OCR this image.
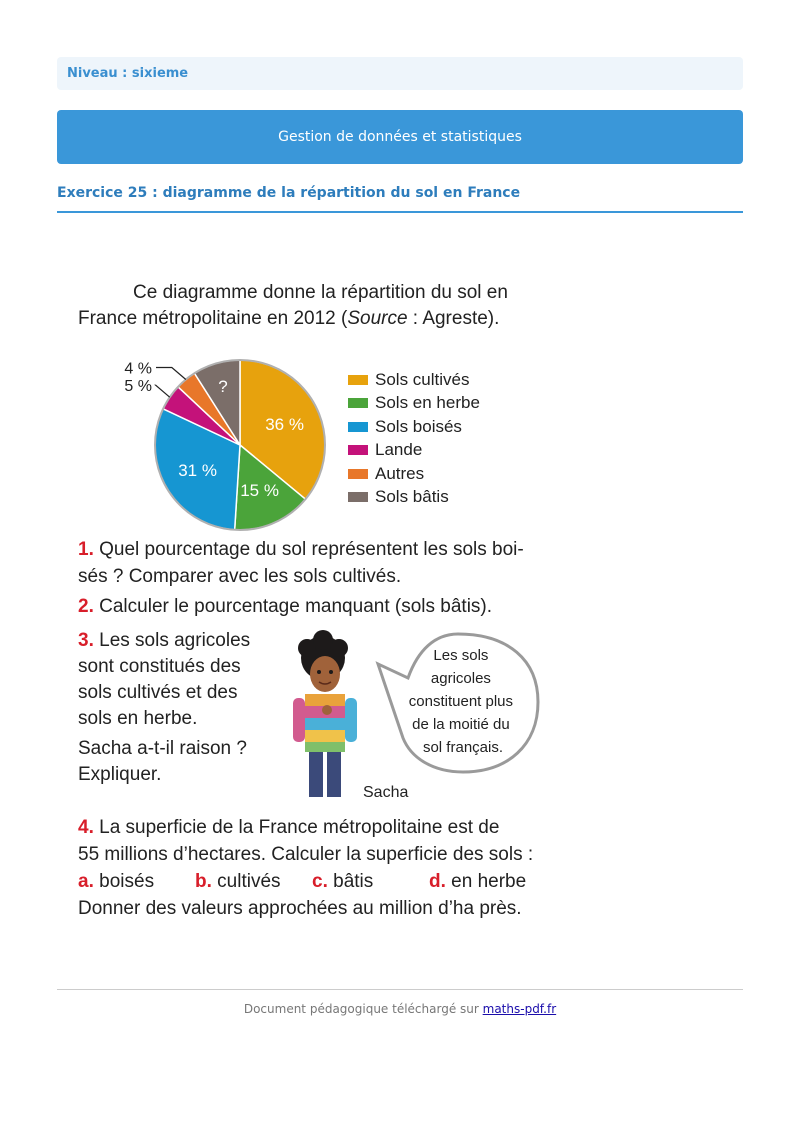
Niveau : sixieme
Gestion de données et statistiques
Exercice 25 : diagramme de la répartition du sol en France
Ce diagramme donne la répartition du sol en
France métropolitaine en 2012 (Source : Agreste).
36 %
15 %
31 %
?
5 %
4 %
Sols cultivés
Sols en herbe
Sols boisés
Lande
Autres
Sols bâtis
1. Quel pourcentage du sol représentent les sols boi-
sés ? Comparer avec les sols cultivés.
2. Calculer le pourcentage manquant (sols bâtis).
3. Les sols agricoles
sont constitués des
sols cultivés et des
sols en herbe.
Sacha a-t-il raison ?
Expliquer.
Sacha
Les sols agricoles constituent plus de la moitié du sol français.
4. La superficie de la France métropolitaine est de
55 millions d’hectares. Calculer la superficie des sols :

a. boisés	b. cultivés	c. bâtis	d. en herbe
Donner des valeurs approchées au million d’ha près.
Document pédagogique téléchargé sur maths-pdf.fr
